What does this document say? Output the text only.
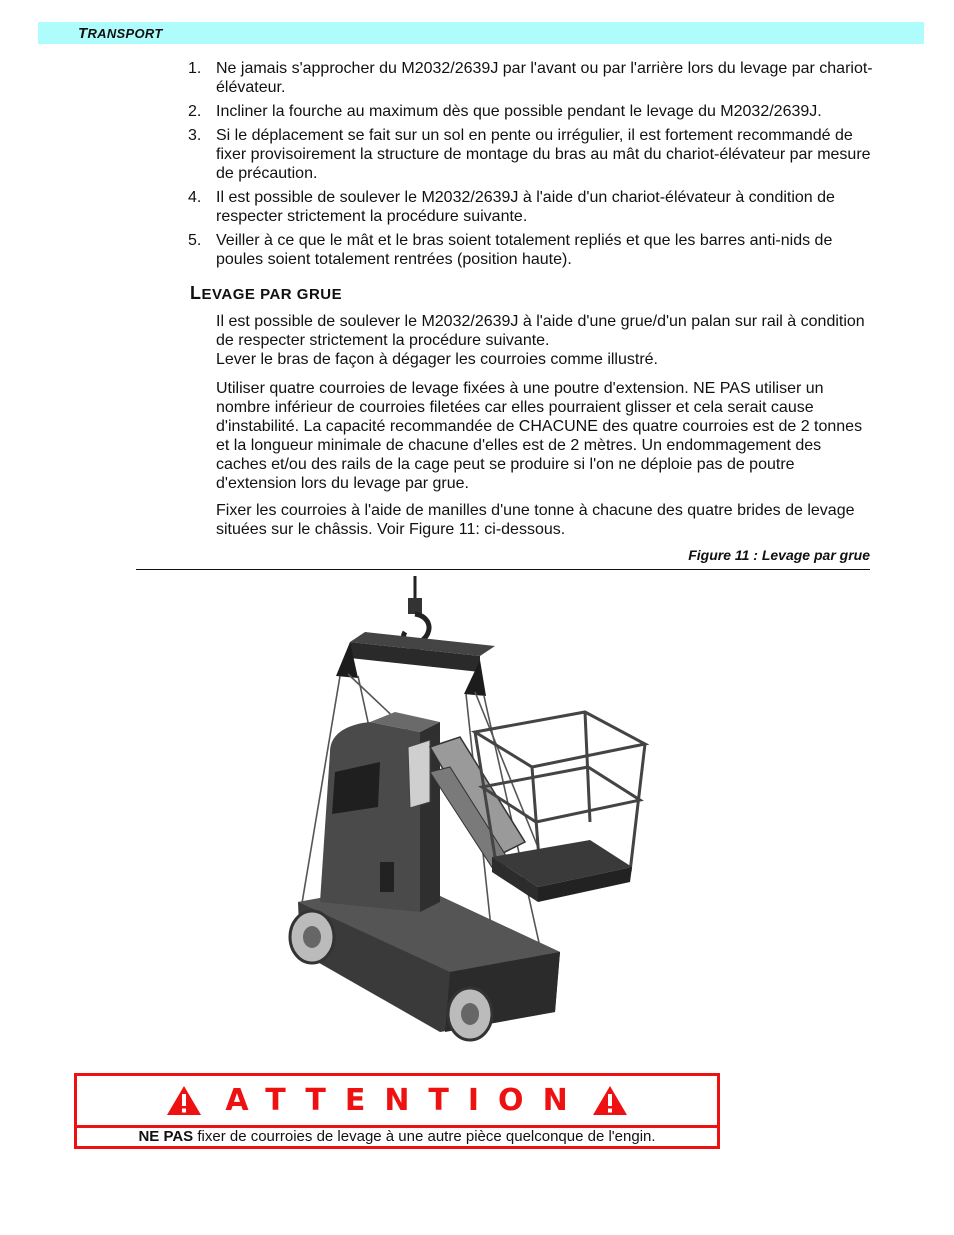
TRANSPORT
1. Ne jamais s'approcher du M2032/2639J par l'avant ou par l'arrière lors du levage par chariot-élévateur.
2. Incliner la fourche au maximum dès que possible pendant le levage du M2032/2639J.
3. Si le déplacement se fait sur un sol en pente ou irrégulier, il est fortement recommandé de fixer provisoirement la structure de montage du bras au mât du chariot-élévateur par mesure de précaution.
4. Il est possible de soulever le M2032/2639J à l'aide d'un chariot-élévateur à condition de respecter strictement la procédure suivante.
5. Veiller à ce que le mât et le bras soient totalement repliés et que les barres anti-nids de poules soient totalement rentrées (position haute).
LEVAGE PAR GRUE

Il est possible de soulever le M2032/2639J à l'aide d'une grue/d'un palan sur rail à condition de respecter strictement la procédure suivante.
Lever le bras de façon à dégager les courroies comme illustré.

Utiliser quatre courroies de levage fixées à une poutre d'extension. NE PAS utiliser un nombre inférieur de courroies filetées car elles pourraient glisser et cela serait cause d'instabilité. La capacité recommandée de CHACUNE des quatre courroies est de 2 tonnes et la longueur minimale de chacune d'elles est de 2 mètres. Un endommagement des caches et/ou des rails de la cage peut se produire si l'on ne déploie pas de poutre d'extension lors du levage par grue.

Fixer les courroies à l'aide de manilles d'une tonne à chacune des quatre brides de levage situées sur le châssis. Voir Figure 11: ci-dessous.

Figure 11 : Levage par grue
ATTENTION
NE PAS fixer de courroies de levage à une autre pièce quelconque de l'engin.
